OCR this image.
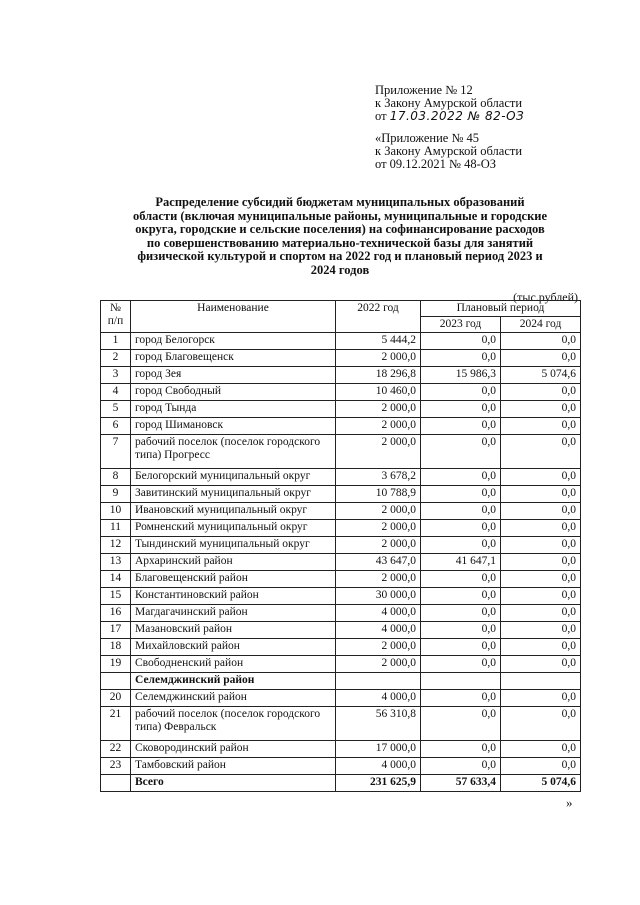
Приложение № 12
к Закону Амурской области
от 17.03.2022 № 82-ОЗ
«Приложение № 45
к Закону Амурской области
от 09.12.2021 № 48-ОЗ
Распределение субсидий бюджетам муниципальных образований
области (включая муниципальные районы, муниципальные и городские
округа, городские и сельские поселения) на софинансирование расходов
по совершенствованию материально-технической базы для занятий
физической культурой и спортом на 2022 год и плановый период 2023 и
2024 годов
(тыс.рублей)
№ п/п	Наименование	2022 год	Плановый период	
			2023 год	2024 год
1	город Белогорск	5 444,2	0,0	0,0
2	город Благовещенск	2 000,0	0,0	0,0
3	город Зея	18 296,8	15 986,3	5 074,6
4	город Свободный	10 460,0	0,0	0,0
5	город Тында	2 000,0	0,0	0,0
6	город Шимановск	2 000,0	0,0	0,0
7	рабочий поселок (поселок городского типа) Прогресс	2 000,0	0,0	0,0
8	Белогорский муниципальный округ	3 678,2	0,0	0,0
9	Завитинский муниципальный округ	10 788,9	0,0	0,0
10	Ивановский муниципальный округ	2 000,0	0,0	0,0
11	Ромненский муниципальный округ	2 000,0	0,0	0,0
12	Тындинский муниципальный округ	2 000,0	0,0	0,0
13	Архаринский район	43 647,0	41 647,1	0,0
14	Благовещенский район	2 000,0	0,0	0,0
15	Константиновский район	30 000,0	0,0	0,0
16	Магдагачинский район	4 000,0	0,0	0,0
17	Мазановский район	4 000,0	0,0	0,0
18	Михайловский район	2 000,0	0,0	0,0
19	Свободненский район	2 000,0	0,0	0,0
	Селемджинский район			
20	Селемджинский район	4 000,0	0,0	0,0
21	рабочий поселок (поселок городского типа) Февральск	56 310,8	0,0	0,0
22	Сковородинский район	17 000,0	0,0	0,0
23	Тамбовский район	4 000,0	0,0	0,0
	Всего	231 625,9	57 633,4	5 074,6
»
